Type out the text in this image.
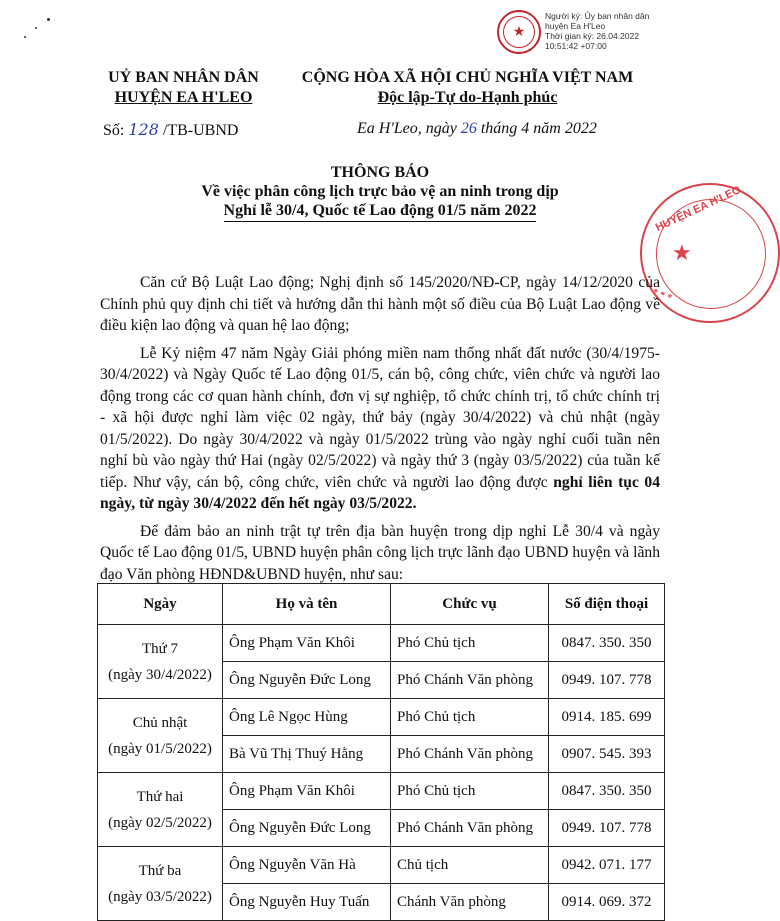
★
Người ký: Ủy ban nhân dân
huyện Ea H'Leo
Thời gian ký: 26.04.2022
10:51:42 +07:00
HUYỆN EA H'LEO
★
* * *
UỶ BAN NHÂN DÂN
HUYỆN EA H'LEO
CỘNG HÒA XÃ HỘI CHỦ NGHĨA VIỆT NAM
Độc lập-Tự do-Hạnh phúc
Số: 128 /TB-UBND	Ea H'Leo, ngày 26 tháng 4 năm 2022
THÔNG BÁO
Về việc phân công lịch trực bảo vệ an ninh trong dịp
Nghỉ lễ 30/4, Quốc tế Lao động 01/5 năm 2022

Căn cứ Bộ Luật Lao động; Nghị định số 145/2020/NĐ-CP, ngày 14/12/2020 của Chính phủ quy định chi tiết và hướng dẫn thi hành một số điều của Bộ Luật Lao động về điều kiện lao động và quan hệ lao động;

Lễ Kỷ niệm 47 năm Ngày Giải phóng miền nam thống nhất đất nước (30/4/1975-30/4/2022) và Ngày Quốc tế Lao động 01/5, cán bộ, công chức, viên chức và người lao động trong các cơ quan hành chính, đơn vị sự nghiệp, tổ chức chính trị, tổ chức chính trị - xã hội được nghỉ làm việc 02 ngày, thứ bảy (ngày 30/4/2022) và chủ nhật (ngày 01/5/2022). Do ngày 30/4/2022 và ngày 01/5/2022 trùng vào ngày nghỉ cuối tuần nên nghỉ bù vào ngày thứ Hai (ngày 02/5/2022) và ngày thứ 3 (ngày 03/5/2022) của tuần kế tiếp. Như vậy, cán bộ, công chức, viên chức và người lao động được nghỉ liên tục 04 ngày, từ ngày 30/4/2022 đến hết ngày 03/5/2022.

Để đảm bảo an ninh trật tự trên địa bàn huyện trong dịp nghỉ Lễ 30/4 và ngày Quốc tế Lao động 01/5, UBND huyện phân công lịch trực lãnh đạo UBND huyện và lãnh đạo Văn phòng HĐND&UBND huyện, như sau:

Ngày	Họ và tên	Chức vụ	Số điện thoại

Thứ 7
(ngày 30/4/2022)	Ông Phạm Văn Khôi	Phó Chủ tịch	0847. 350. 350
	Ông Nguyễn Đức Long	Phó Chánh Văn phòng	0949. 107. 778

Chủ nhật
(ngày 01/5/2022)	Ông Lê Ngọc Hùng	Phó Chủ tịch	0914. 185. 699
	Bà Vũ Thị Thuý Hằng	Phó Chánh Văn phòng	0907. 545. 393

Thứ hai
(ngày 02/5/2022)	Ông Phạm Văn Khôi	Phó Chủ tịch	0847. 350. 350
	Ông Nguyễn Đức Long	Phó Chánh Văn phòng	0949. 107. 778

Thứ ba
(ngày 03/5/2022)	Ông Nguyễn Văn Hà	Chủ tịch	0942. 071. 177
	Ông Nguyễn Huy Tuấn	Chánh Văn phòng	0914. 069. 372
